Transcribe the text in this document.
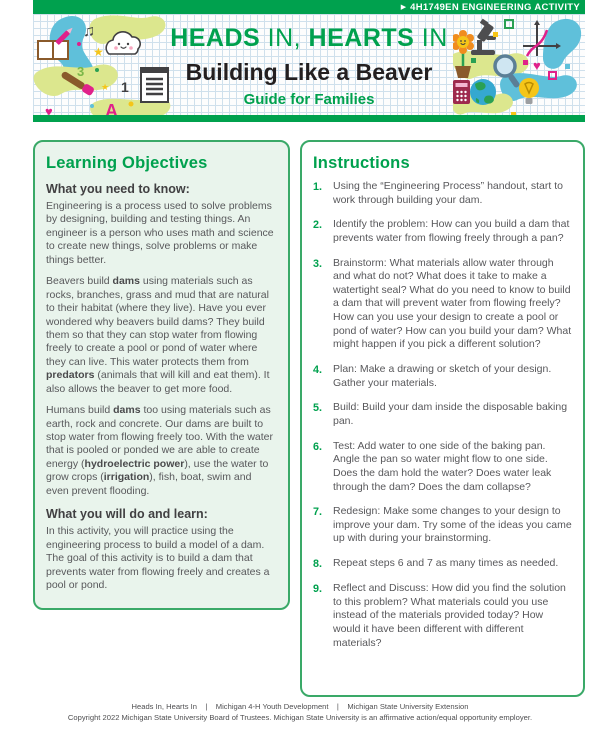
▶ 4H1749EN ENGINEERING ACTIVITY
♫
★
★
3
1
A
♥
♥
HEADS IN, HEARTS IN
Building Like a Beaver
Guide for Families
Learning Objectives
What you need to know:

Engineering is a process used to solve problems by designing, building and testing things. An engineer is a person who uses math and science to create new things, solve problems or make things better.

Beavers build dams using materials such as rocks, branches, grass and mud that are natural to their habitat (where they live). Have you ever wondered why beavers build dams? They build them so that they can stop water from flowing freely to create a pool or pond of water where they can live. This water protects them from predators (animals that will kill and eat them). It also allows the beaver to get more food.

Humans build dams too using materials such as earth, rock and concrete. Our dams are built to stop water from flowing freely too. With the water that is pooled or ponded we are able to create energy (hydroelectric power), use the water to grow crops (irrigation), fish, boat, swim and even prevent flooding.

What you will do and learn:

In this activity, you will practice using the engineering process to build a model of a dam. The goal of this activity is to build a dam that prevents water from flowing freely and creates a pool or pond.

Instructions
1.	Using the “Engineering Process” handout, start to work through building your dam.
2.	Identify the problem: How can you build a dam that prevents water from flowing freely through a pan?
3.	Brainstorm: What materials allow water through and what do not? What does it take to make a watertight seal? What do you need to know to build a dam that will prevent water from flowing freely? How can you use your design to create a pool or pond of water? How can you build your dam? What might happen if you pick a different solution?
4.	Plan: Make a drawing or sketch of your design. Gather your materials.
5.	Build: Build your dam inside the disposable baking pan.
6.	Test: Add water to one side of the baking pan. Angle the pan so water might flow to one side. Does the dam hold the water? Does water leak through the dam? Does the dam collapse?
7.	Redesign: Make some changes to your design to improve your dam. Try some of the ideas you came up with during your brainstorming.
8.	Repeat steps 6 and 7 as many times as needed.
9.	Reflect and Discuss: How did you find the solution to this problem? What materials could you use instead of the materials provided today? How would it have been different with different materials?
Heads In, Hearts In    |    Michigan 4-H Youth Development    |    Michigan State University Extension
Copyright 2022 Michigan State University Board of Trustees. Michigan State University is an affirmative action/equal opportunity employer.
